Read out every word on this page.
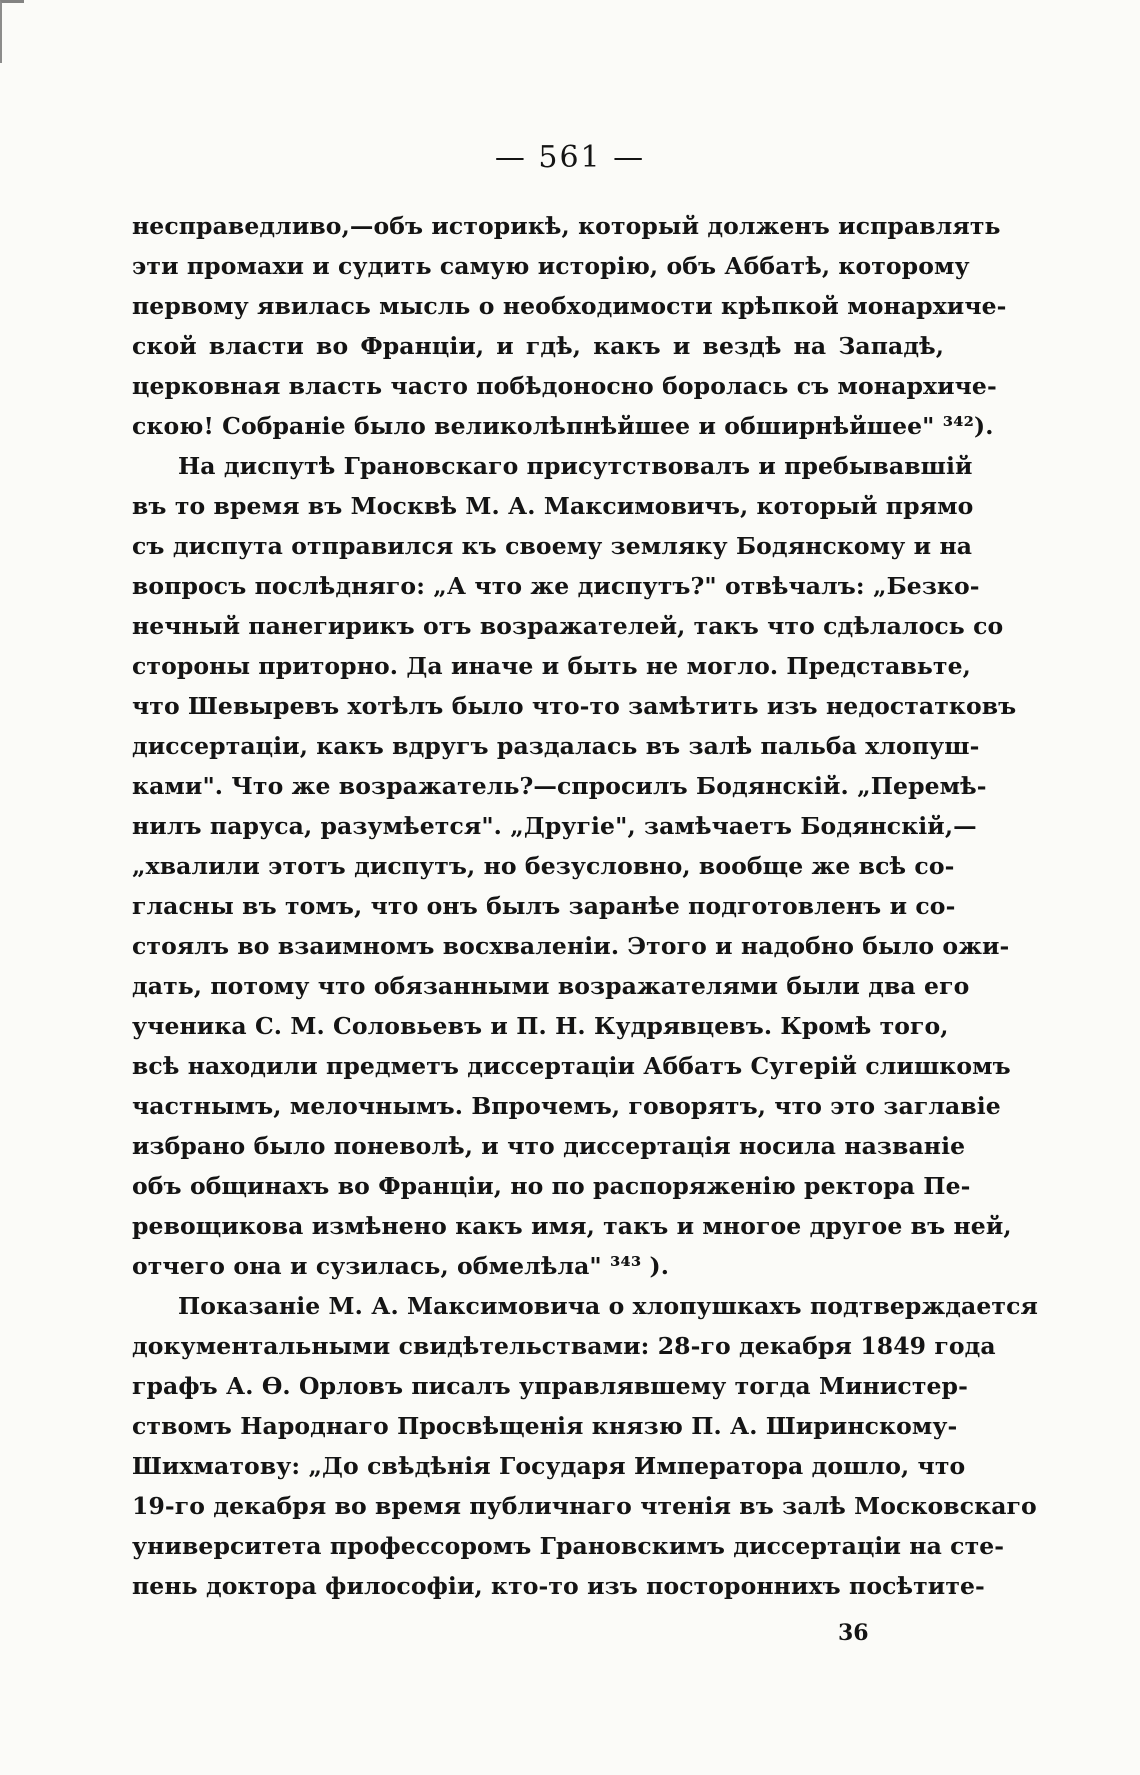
— 561 —
несправедливо,—объ историкѣ, который долженъ исправлять
эти промахи и судить самую исторію, объ Аббатѣ, которому
первому явилась мысль о необходимости крѣпкой монархиче-
ской власти во Франціи, и гдѣ, какъ и вездѣ на Западѣ,
церковная власть часто побѣдоносно боролась съ монархиче-
скою! Собраніе было великолѣпнѣйшее и обширнѣйшее" ³⁴²).
На диспутѣ Грановскаго присутствовалъ и пребывавшій
въ то время въ Москвѣ М. А. Максимовичъ, который прямо
съ диспута отправился къ своему земляку Бодянскому и на
вопросъ послѣдняго: „А что же диспутъ?" отвѣчалъ: „Безко-
нечный панегирикъ отъ возражателей, такъ что сдѣлалось со
стороны приторно. Да иначе и быть не могло. Представьте,
что Шевыревъ хотѣлъ было что-то замѣтить изъ недостатковъ
диссертаціи, какъ вдругъ раздалась въ залѣ пальба хлопуш-
ками". Что же возражатель?—спросилъ Бодянскій. „Перемѣ-
нилъ паруса, разумѣется". „Другіе", замѣчаетъ Бодянскій,—
„хвалили этотъ диспутъ, но безусловно, вообще же всѣ со-
гласны въ томъ, что онъ былъ заранѣе подготовленъ и со-
стоялъ во взаимномъ восхваленіи. Этого и надобно было ожи-
дать, потому что обязанными возражателями были два его
ученика С. М. Соловьевъ и П. Н. Кудрявцевъ. Кромѣ того,
всѣ находили предметъ диссертаціи Аббатъ Сугерій слишкомъ
частнымъ, мелочнымъ. Впрочемъ, говорятъ, что это заглавіе
избрано было поневолѣ, и что диссертація носила названіе
объ общинахъ во Франціи, но по распоряженію ректора Пе-
ревощикова измѣнено какъ имя, такъ и многое другое въ ней,
отчего она и сузилась, обмелѣла" ³⁴³ ).
Показаніе М. А. Максимовича о хлопушкахъ подтверждается
документальными свидѣтельствами: 28-го декабря 1849 года
графъ А. Ѳ. Орловъ писалъ управлявшему тогда Министер-
ствомъ Народнаго Просвѣщенія князю П. А. Ширинскому-
Шихматову: „До свѣдѣнія Государя Императора дошло, что
19-го декабря во время публичнаго чтенія въ залѣ Московскаго
университета профессоромъ Грановскимъ диссертаціи на сте-
пень доктора философіи, кто-то изъ постороннихъ посѣтите-
36
